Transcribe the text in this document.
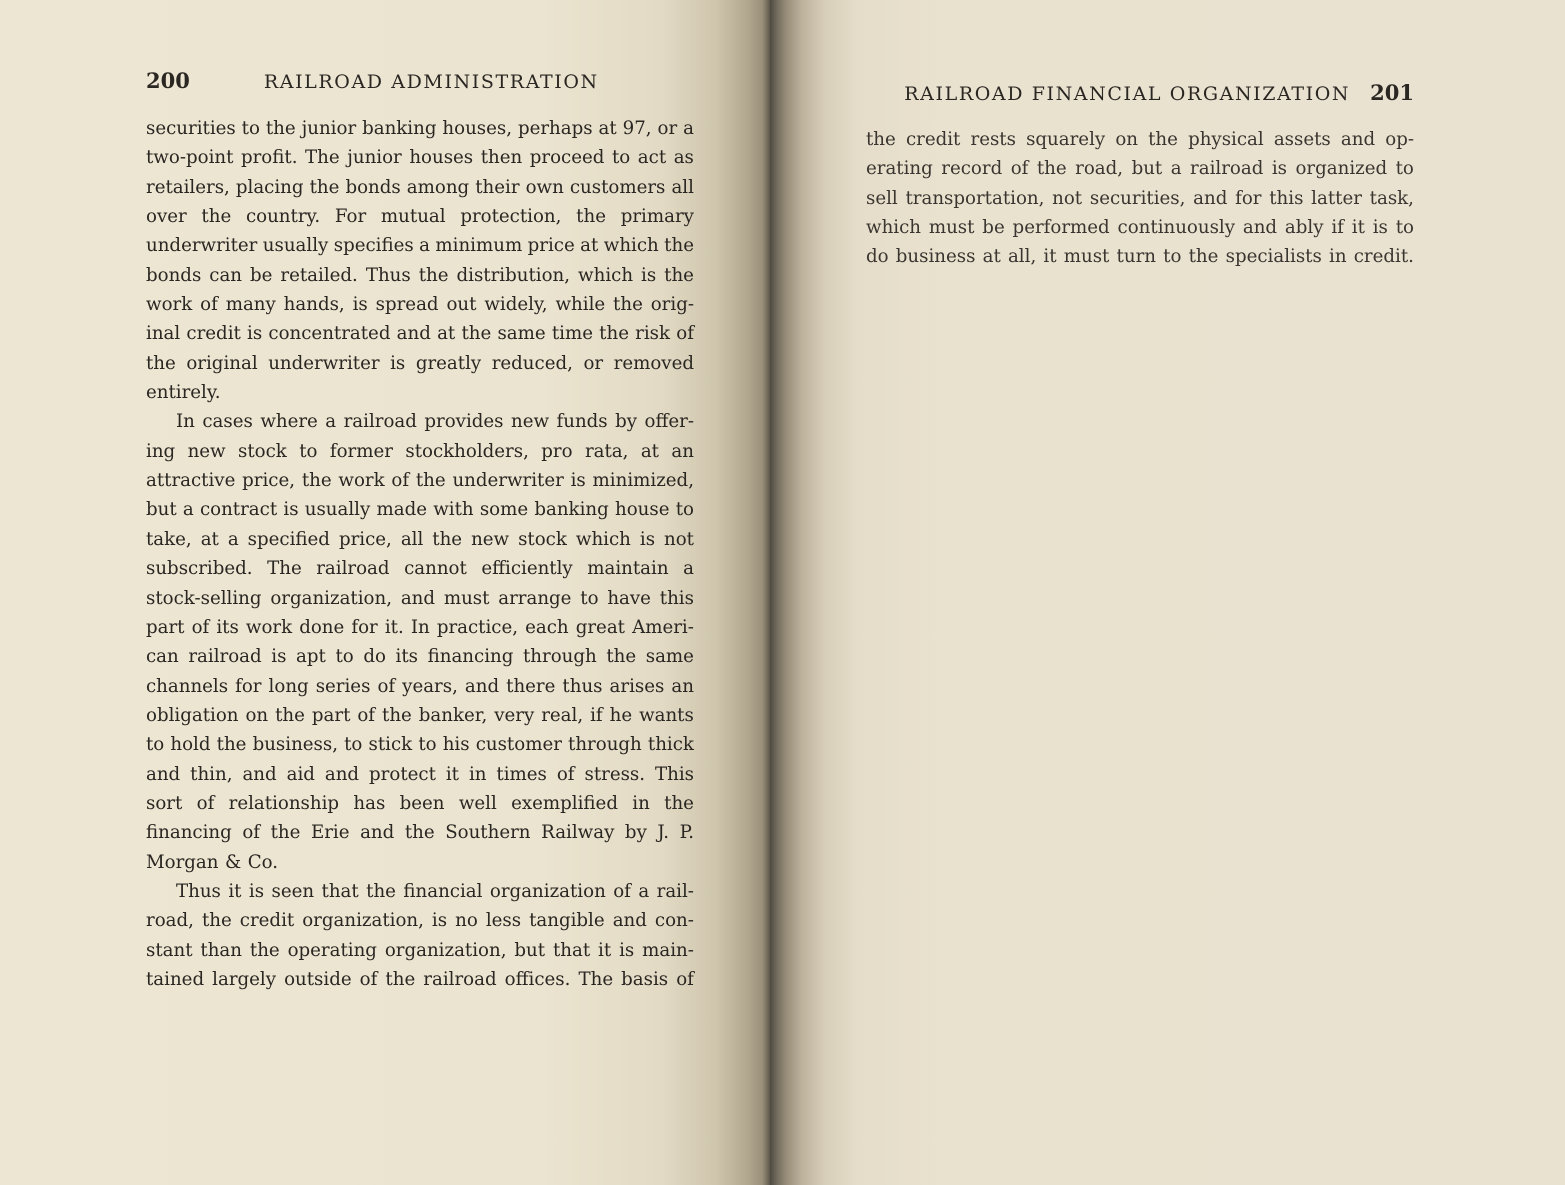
200	RAILROAD ADMINISTRATION
securities to the junior banking houses, perhaps at 97, or a
two-point profit. The junior houses then proceed to act as
retailers, placing the bonds among their own customers all
over the country. For mutual protection, the primary
underwriter usually specifies a minimum price at which the
bonds can be retailed. Thus the distribution, which is the
work of many hands, is spread out widely, while the orig-
inal credit is concentrated and at the same time the risk of
the original underwriter is greatly reduced, or removed
entirely.
In cases where a railroad provides new funds by offer-
ing new stock to former stockholders, pro rata, at an
attractive price, the work of the underwriter is minimized,
but a contract is usually made with some banking house to
take, at a specified price, all the new stock which is not
subscribed. The railroad cannot efficiently maintain a
stock-selling organization, and must arrange to have this
part of its work done for it. In practice, each great Ameri-
can railroad is apt to do its financing through the same
channels for long series of years, and there thus arises an
obligation on the part of the banker, very real, if he wants
to hold the business, to stick to his customer through thick
and thin, and aid and protect it in times of stress. This
sort of relationship has been well exemplified in the
financing of the Erie and the Southern Railway by J. P.
Morgan & Co.
Thus it is seen that the financial organization of a rail-
road, the credit organization, is no less tangible and con-
stant than the operating organization, but that it is main-
tained largely outside of the railroad offices. The basis of
RAILROAD FINANCIAL ORGANIZATION 201
the credit rests squarely on the physical assets and op-
erating record of the road, but a railroad is organized to
sell transportation, not securities, and for this latter task,
which must be performed continuously and ably if it is to
do business at all, it must turn to the specialists in credit.
